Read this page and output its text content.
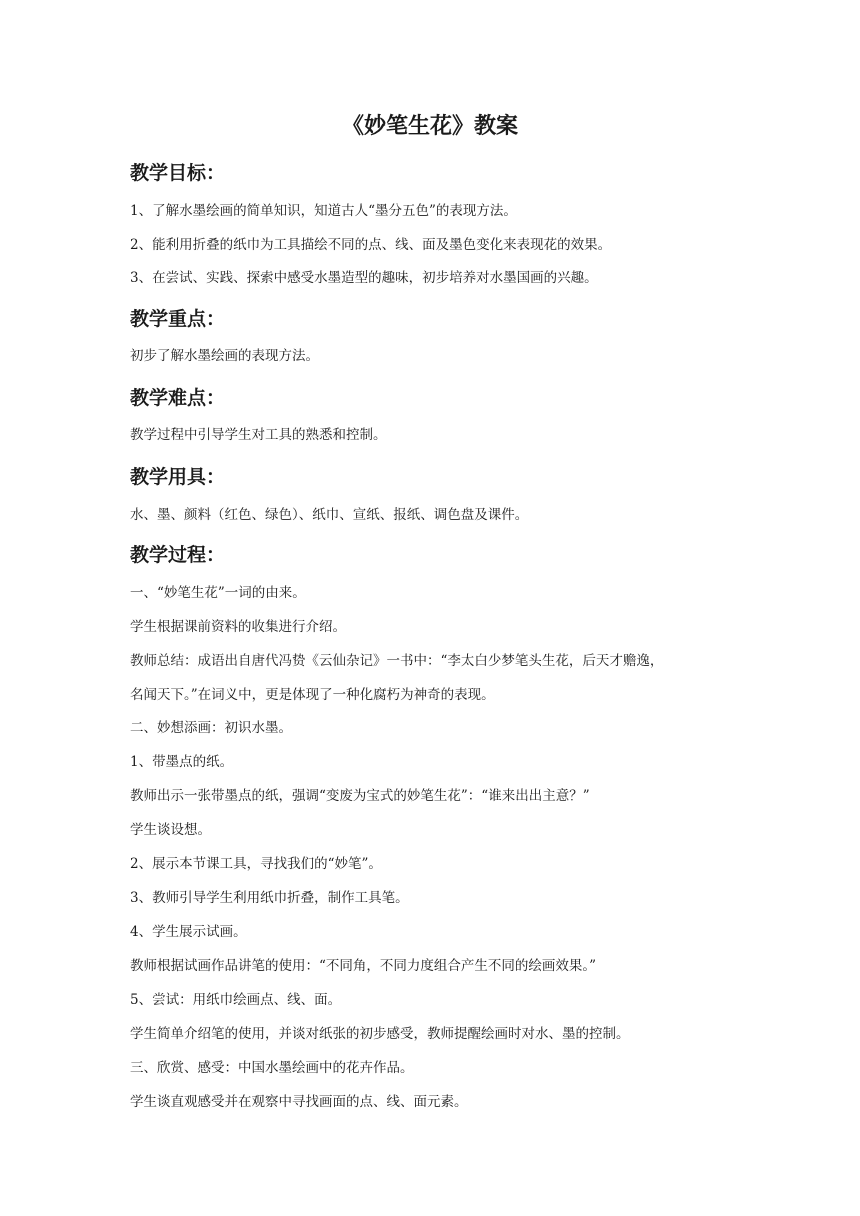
《妙笔生花》教案
教学目标：

1、了解水墨绘画的简单知识，知道古人“墨分五色”的表现方法。

2、能利用折叠的纸巾为工具描绘不同的点、线、面及墨色变化来表现花的效果。

3、在尝试、实践、探索中感受水墨造型的趣味，初步培养对水墨国画的兴趣。

教学重点：

初步了解水墨绘画的表现方法。

教学难点：

教学过程中引导学生对工具的熟悉和控制。

教学用具：

水、墨、颜料（红色、绿色）、纸巾、宣纸、报纸、调色盘及课件。

教学过程：

一、“妙笔生花”一词的由来。

学生根据课前资料的收集进行介绍。

教师总结：成语出自唐代冯贽《云仙杂记》一书中：“李太白少梦笔头生花，后天才赡逸，

名闻天下。”在词义中，更是体现了一种化腐朽为神奇的表现。

二、妙想添画：初识水墨。

1、带墨点的纸。

教师出示一张带墨点的纸，强调“变废为宝式的妙笔生花”：“谁来出出主意？”

学生谈设想。

2、展示本节课工具，寻找我们的“妙笔”。

3、教师引导学生利用纸巾折叠，制作工具笔。

4、学生展示试画。

教师根据试画作品讲笔的使用：“不同角，不同力度组合产生不同的绘画效果。”

5、尝试：用纸巾绘画点、线、面。

学生简单介绍笔的使用，并谈对纸张的初步感受，教师提醒绘画时对水、墨的控制。

三、欣赏、感受：中国水墨绘画中的花卉作品。

学生谈直观感受并在观察中寻找画面的点、线、面元素。
